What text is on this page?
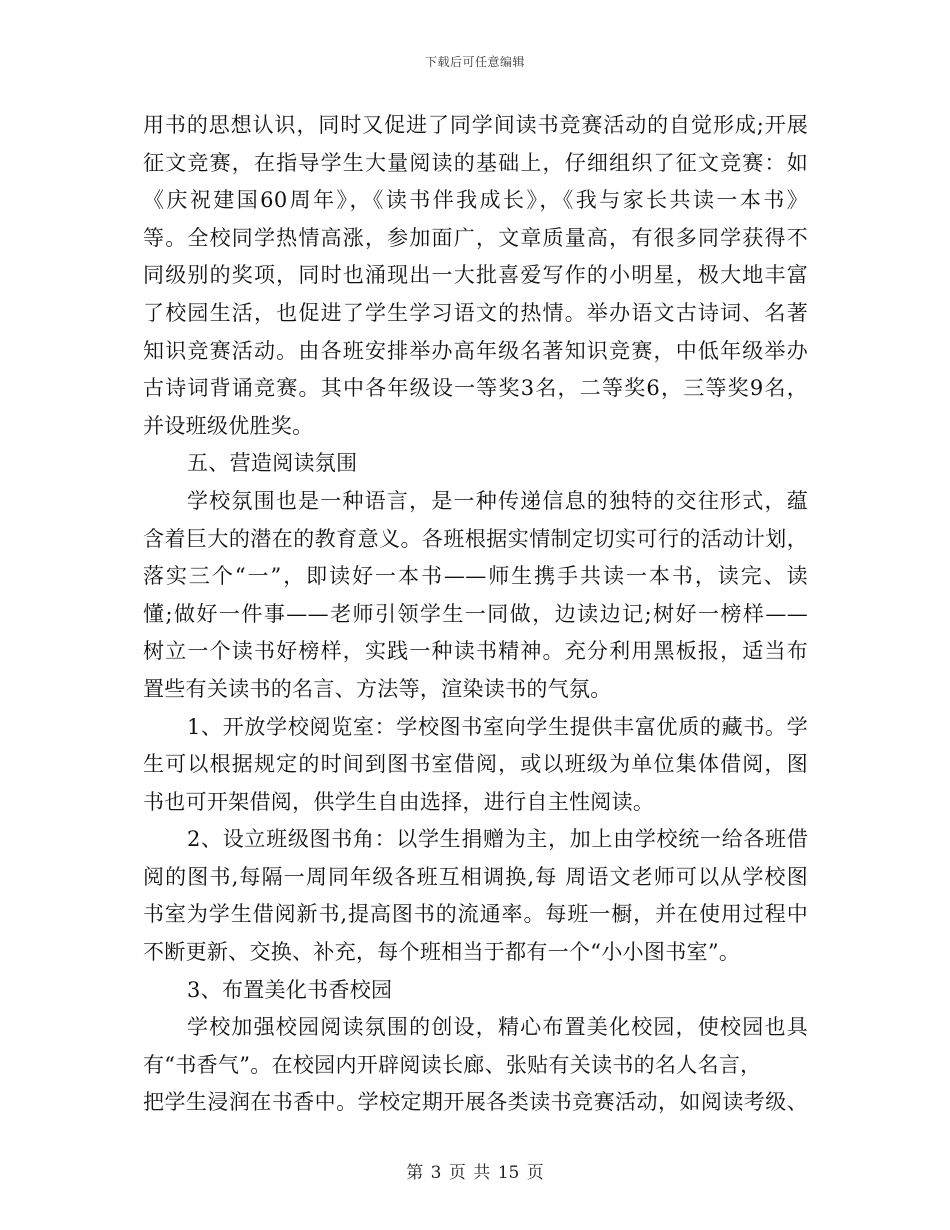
下载后可任意编辑
用书的思想认识，同时又促进了同学间读书竞赛活动的自觉形成;开展
征文竞赛，在指导学生大量阅读的基础上，仔细组织了征文竞赛：如
《庆祝建国60周年》，《读书伴我成长》，《我与家长共读一本书》
等。全校同学热情高涨，参加面广，文章质量高，有很多同学获得不
同级别的奖项，同时也涌现出一大批喜爱写作的小明星，极大地丰富
了校园生活，也促进了学生学习语文的热情。举办语文古诗词、名著
知识竞赛活动。由各班安排举办高年级名著知识竞赛，中低年级举办
古诗词背诵竞赛。其中各年级设一等奖3名，二等奖6，三等奖9名，
并设班级优胜奖。
五、营造阅读氛围
学校氛围也是一种语言，是一种传递信息的独特的交往形式，蕴
含着巨大的潜在的教育意义。各班根据实情制定切实可行的活动计划，
落实三个“一”，即读好一本书——师生携手共读一本书，读完、读
懂;做好一件事——老师引领学生一同做，边读边记;树好一榜样——
树立一个读书好榜样，实践一种读书精神。充分利用黑板报，适当布
置些有关读书的名言、方法等，渲染读书的气氛。
1、开放学校阅览室：学校图书室向学生提供丰富优质的藏书。学
生可以根据规定的时间到图书室借阅，或以班级为单位集体借阅，图
书也可开架借阅，供学生自由选择，进行自主性阅读。
2、设立班级图书角：以学生捐赠为主，加上由学校统一给各班借
阅的图书,每隔一周同年级各班互相调换,每 周语文老师可以从学校图
书室为学生借阅新书,提高图书的流通率。每班一橱，并在使用过程中
不断更新、交换、补充，每个班相当于都有一个“小小图书室”。
3、布置美化书香校园
学校加强校园阅读氛围的创设，精心布置美化校园，使校园也具
有“书香气”。在校园内开辟阅读长廊、张贴有关读书的名人名言，
把学生浸润在书香中。学校定期开展各类读书竞赛活动，如阅读考级、
第 3 页 共 15 页
